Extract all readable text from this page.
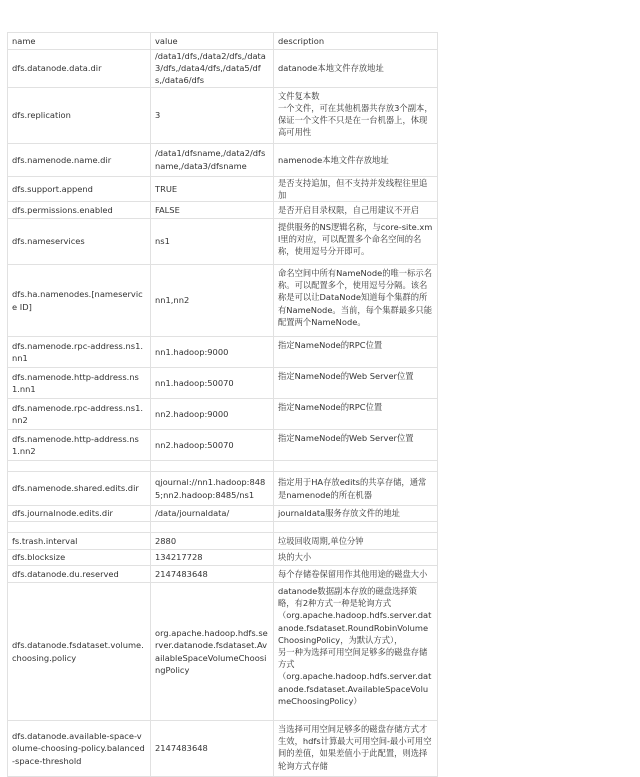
name	value	description
dfs.datanode.data.dir	/data1/dfs,/data2/dfs,/data3/dfs,/data4/dfs,/data5/dfs,/data6/dfs	datanode本地文件存放地址
dfs.replication	3	文件复本数
一个文件，可在其他机器共存放3个副本，保证一个文件不只是在一台机器上，体现高可用性
dfs.namenode.name.dir	/data1/dfsname,/data2/dfsname,/data3/dfsname	namenode本地文件存放地址
dfs.support.append	TRUE	是否支持追加，但不支持并发线程往里追加
dfs.permissions.enabled	FALSE	是否开启目录权限，自己用建议不开启
dfs.nameservices	ns1	提供服务的NS逻辑名称，与core-site.xml里的对应，可以配置多个命名空间的名称，使用逗号分开即可。
dfs.ha.namenodes.[nameservice ID]	nn1,nn2	命名空间中所有NameNode的唯一标示名称。可以配置多个，使用逗号分隔。该名称是可以让DataNode知道每个集群的所有NameNode。当前，每个集群最多只能配置两个NameNode。
dfs.namenode.rpc-address.ns1.nn1	nn1.hadoop:9000	指定NameNode的RPC位置
dfs.namenode.http-address.ns1.nn1	nn1.hadoop:50070	指定NameNode的Web Server位置
dfs.namenode.rpc-address.ns1.nn2	nn2.hadoop:9000	指定NameNode的RPC位置
dfs.namenode.http-address.ns1.nn2	nn2.hadoop:50070	指定NameNode的Web Server位置

dfs.namenode.shared.edits.dir	qjournal://nn1.hadoop:8485;nn2.hadoop:8485/ns1	指定用于HA存放edits的共享存储，通常是namenode的所在机器
dfs.journalnode.edits.dir	/data/journaldata/	journaldata服务存放文件的地址

fs.trash.interval	2880	垃圾回收周期,单位分钟
dfs.blocksize	134217728	块的大小
dfs.datanode.du.reserved	2147483648	每个存储卷保留用作其他用途的磁盘大小
dfs.datanode.fsdataset.volume.choosing.policy	org.apache.hadoop.hdfs.server.datanode.fsdataset.AvailableSpaceVolumeChoosingPolicy	datanode数据副本存放的磁盘选择策略，有2种方式一种是轮询方式
（org.apache.hadoop.hdfs.server.datanode.fsdataset.RoundRobinVolumeChoosingPolicy，为默认方式），
另一种为选择可用空间足够多的磁盘存储方式
（org.apache.hadoop.hdfs.server.datanode.fsdataset.AvailableSpaceVolumeChoosingPolicy）
dfs.datanode.available-space-volume-choosing-policy.balanced-space-threshold	2147483648	当选择可用空间足够多的磁盘存储方式才生效，hdfs计算最大可用空间-最小可用空间的差值，如果差值小于此配置，则选择轮询方式存储
